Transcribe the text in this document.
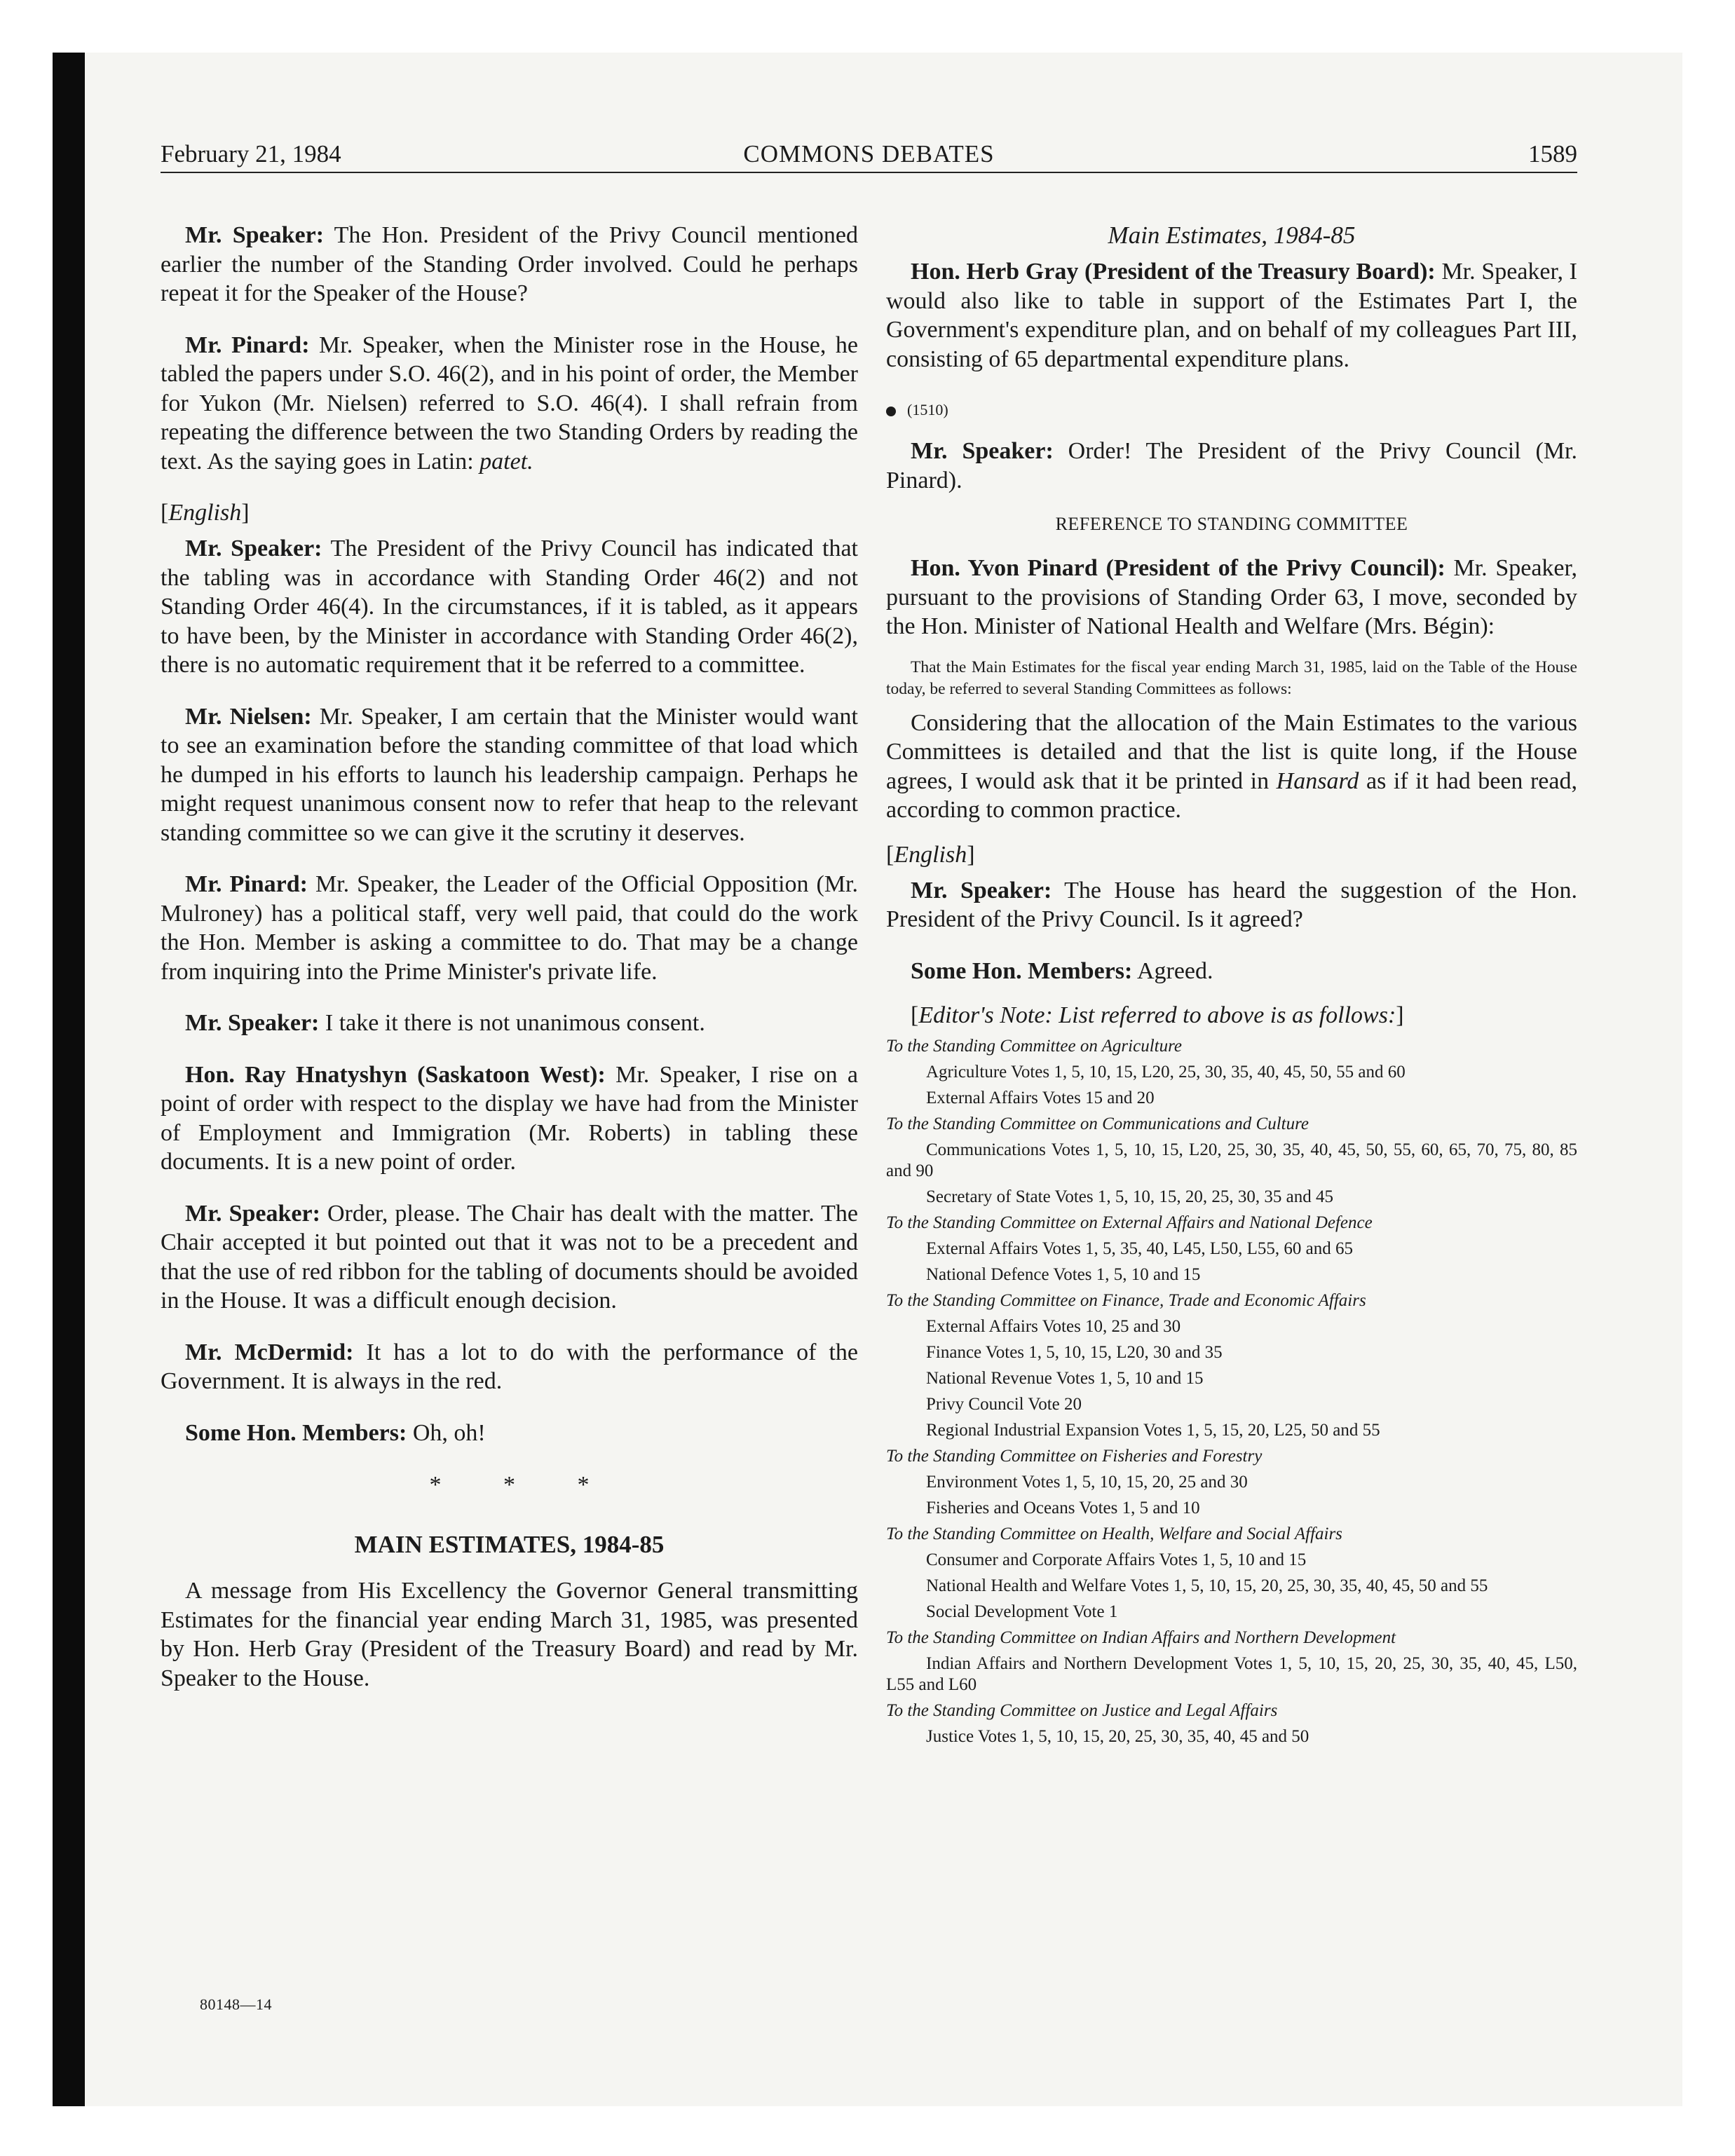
February 21, 1984	COMMONS DEBATES	1589

Mr. Speaker: The Hon. President of the Privy Council mentioned earlier the number of the Standing Order involved. Could he perhaps repeat it for the Speaker of the House?

Mr. Pinard: Mr. Speaker, when the Minister rose in the House, he tabled the papers under S.O. 46(2), and in his point of order, the Member for Yukon (Mr. Nielsen) referred to S.O. 46(4). I shall refrain from repeating the difference between the two Standing Orders by reading the text. As the saying goes in Latin: patet.

[English]

Mr. Speaker: The President of the Privy Council has indicated that the tabling was in accordance with Standing Order 46(2) and not Standing Order 46(4). In the circumstances, if it is tabled, as it appears to have been, by the Minister in accordance with Standing Order 46(2), there is no automatic requirement that it be referred to a committee.

Mr. Nielsen: Mr. Speaker, I am certain that the Minister would want to see an examination before the standing committee of that load which he dumped in his efforts to launch his leadership campaign. Perhaps he might request unanimous consent now to refer that heap to the relevant standing committee so we can give it the scrutiny it deserves.

Mr. Pinard: Mr. Speaker, the Leader of the Official Opposition (Mr. Mulroney) has a political staff, very well paid, that could do the work the Hon. Member is asking a committee to do. That may be a change from inquiring into the Prime Minister's private life.

Mr. Speaker: I take it there is not unanimous consent.

Hon. Ray Hnatyshyn (Saskatoon West): Mr. Speaker, I rise on a point of order with respect to the display we have had from the Minister of Employment and Immigration (Mr. Roberts) in tabling these documents. It is a new point of order.

Mr. Speaker: Order, please. The Chair has dealt with the matter. The Chair accepted it but pointed out that it was not to be a precedent and that the use of red ribbon for the tabling of documents should be avoided in the House. It was a difficult enough decision.

Mr. McDermid: It has a lot to do with the performance of the Government. It is always in the red.

Some Hon. Members: Oh, oh!

* * *

MAIN ESTIMATES, 1984-85

A message from His Excellency the Governor General transmitting Estimates for the financial year ending March 31, 1985, was presented by Hon. Herb Gray (President of the Treasury Board) and read by Mr. Speaker to the House.

Main Estimates, 1984-85

Hon. Herb Gray (President of the Treasury Board): Mr. Speaker, I would also like to table in support of the Estimates Part I, the Government's expenditure plan, and on behalf of my colleagues Part III, consisting of 65 departmental expenditure plans.

(1510)

Mr. Speaker: Order! The President of the Privy Council (Mr. Pinard).

REFERENCE TO STANDING COMMITTEE

Hon. Yvon Pinard (President of the Privy Council): Mr. Speaker, pursuant to the provisions of Standing Order 63, I move, seconded by the Hon. Minister of National Health and Welfare (Mrs. Bégin):

That the Main Estimates for the fiscal year ending March 31, 1985, laid on the Table of the House today, be referred to several Standing Committees as follows:

Considering that the allocation of the Main Estimates to the various Committees is detailed and that the list is quite long, if the House agrees, I would ask that it be printed in Hansard as if it had been read, according to common practice.

[English]

Mr. Speaker: The House has heard the suggestion of the Hon. President of the Privy Council. Is it agreed?

Some Hon. Members: Agreed.

[Editor's Note: List referred to above is as follows:]

To the Standing Committee on Agriculture

Agriculture Votes 1, 5, 10, 15, L20, 25, 30, 35, 40, 45, 50, 55 and 60

External Affairs Votes 15 and 20

To the Standing Committee on Communications and Culture

Communications Votes 1, 5, 10, 15, L20, 25, 30, 35, 40, 45, 50, 55, 60, 65, 70, 75, 80, 85 and 90

Secretary of State Votes 1, 5, 10, 15, 20, 25, 30, 35 and 45

To the Standing Committee on External Affairs and National Defence

External Affairs Votes 1, 5, 35, 40, L45, L50, L55, 60 and 65

National Defence Votes 1, 5, 10 and 15

To the Standing Committee on Finance, Trade and Economic Affairs

External Affairs Votes 10, 25 and 30

Finance Votes 1, 5, 10, 15, L20, 30 and 35

National Revenue Votes 1, 5, 10 and 15

Privy Council Vote 20

Regional Industrial Expansion Votes 1, 5, 15, 20, L25, 50 and 55

To the Standing Committee on Fisheries and Forestry

Environment Votes 1, 5, 10, 15, 20, 25 and 30

Fisheries and Oceans Votes 1, 5 and 10

To the Standing Committee on Health, Welfare and Social Affairs

Consumer and Corporate Affairs Votes 1, 5, 10 and 15

National Health and Welfare Votes 1, 5, 10, 15, 20, 25, 30, 35, 40, 45, 50 and 55

Social Development Vote 1

To the Standing Committee on Indian Affairs and Northern Development

Indian Affairs and Northern Development Votes 1, 5, 10, 15, 20, 25, 30, 35, 40, 45, L50, L55 and L60

To the Standing Committee on Justice and Legal Affairs

Justice Votes 1, 5, 10, 15, 20, 25, 30, 35, 40, 45 and 50

80148—14
